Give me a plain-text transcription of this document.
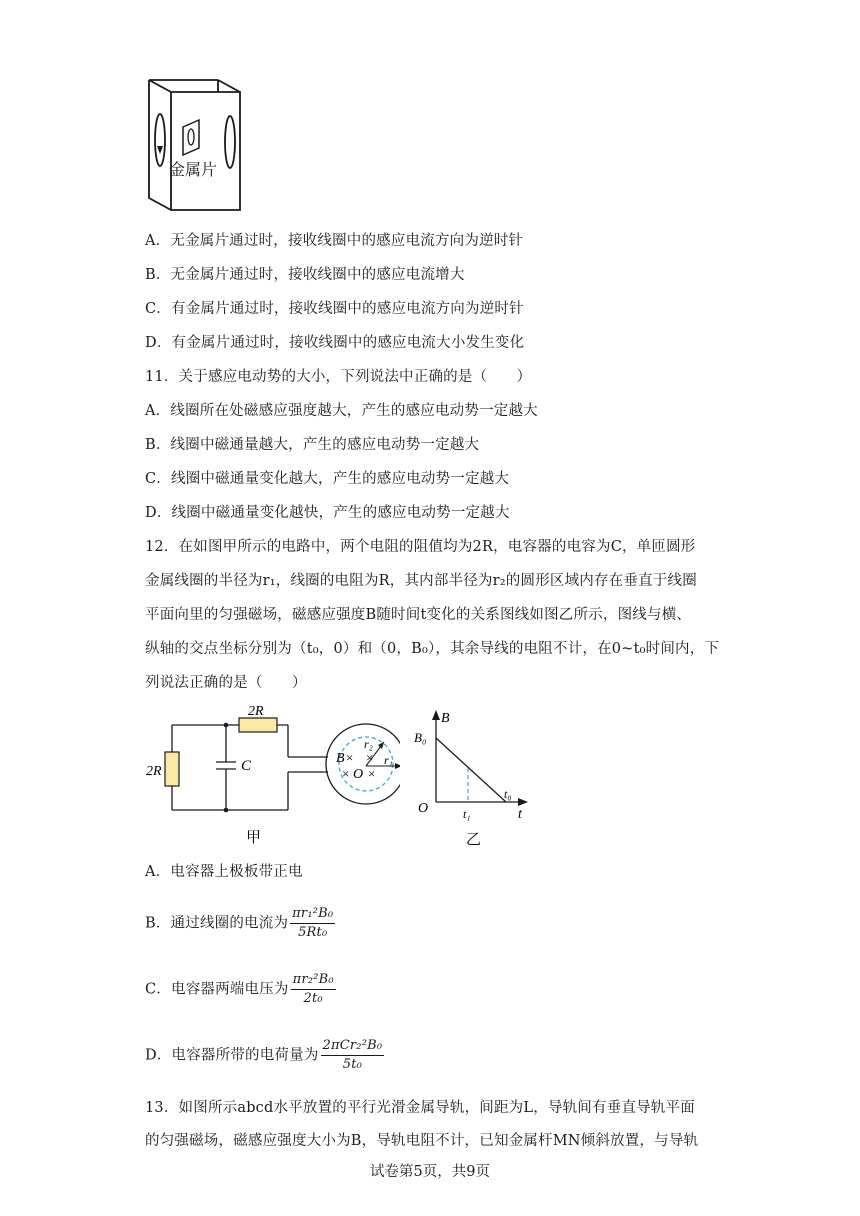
金属片
A．无金属片通过时，接收线圈中的感应电流方向为逆时针
B．无金属片通过时，接收线圈中的感应电流增大
C．有金属片通过时，接收线圈中的感应电流方向为逆时针
D．有金属片通过时，接收线圈中的感应电流大小发生变化
11．关于感应电动势的大小，下列说法中正确的是（　　）
A．线圈所在处磁感应强度越大，产生的感应电动势一定越大
B．线圈中磁通量越大，产生的感应电动势一定越大
C．线圈中磁通量变化越大，产生的感应电动势一定越大
D．线圈中磁通量变化越快，产生的感应电动势一定越大
12．在如图甲所示的电路中，两个电阻的阻值均为2R，电容器的电容为C，单匝圆形
金属线圈的半径为r₁，线圈的电阻为R，其内部半径为r₂的圆形区域内存在垂直于线圈
平面向里的匀强磁场，磁感应强度B随时间t变化的关系图线如图乙所示，图线与横、
纵轴的交点坐标分别为（t₀，0）和（0，B₀），其余导线的电阻不计，在0~t₀时间内，下
列说法正确的是（　　）
2R
2R	C	B ×
r₂
×
× O ×
r₁
甲
B
B₀
O
t₀
t₁	t
乙
A．电容器上极板带正电
B．通过线圈的电流为 $\frac{\text{πr₁²B₀}}{\text{5Rt₀}}$
C．电容器两端电压为 $\frac{\text{πr₂²B₀}}{\text{2t₀}}$
D．电容器所带的电荷量为 $\frac{\text{2πCr₂²B₀}}{\text{5t₀}}$
13．如图所示abcd水平放置的平行光滑金属导轨，间距为L，导轨间有垂直导轨平面
的匀强磁场，磁感应强度大小为B，导轨电阻不计，已知金属杆MN倾斜放置，与导轨
试卷第5页，共9页
